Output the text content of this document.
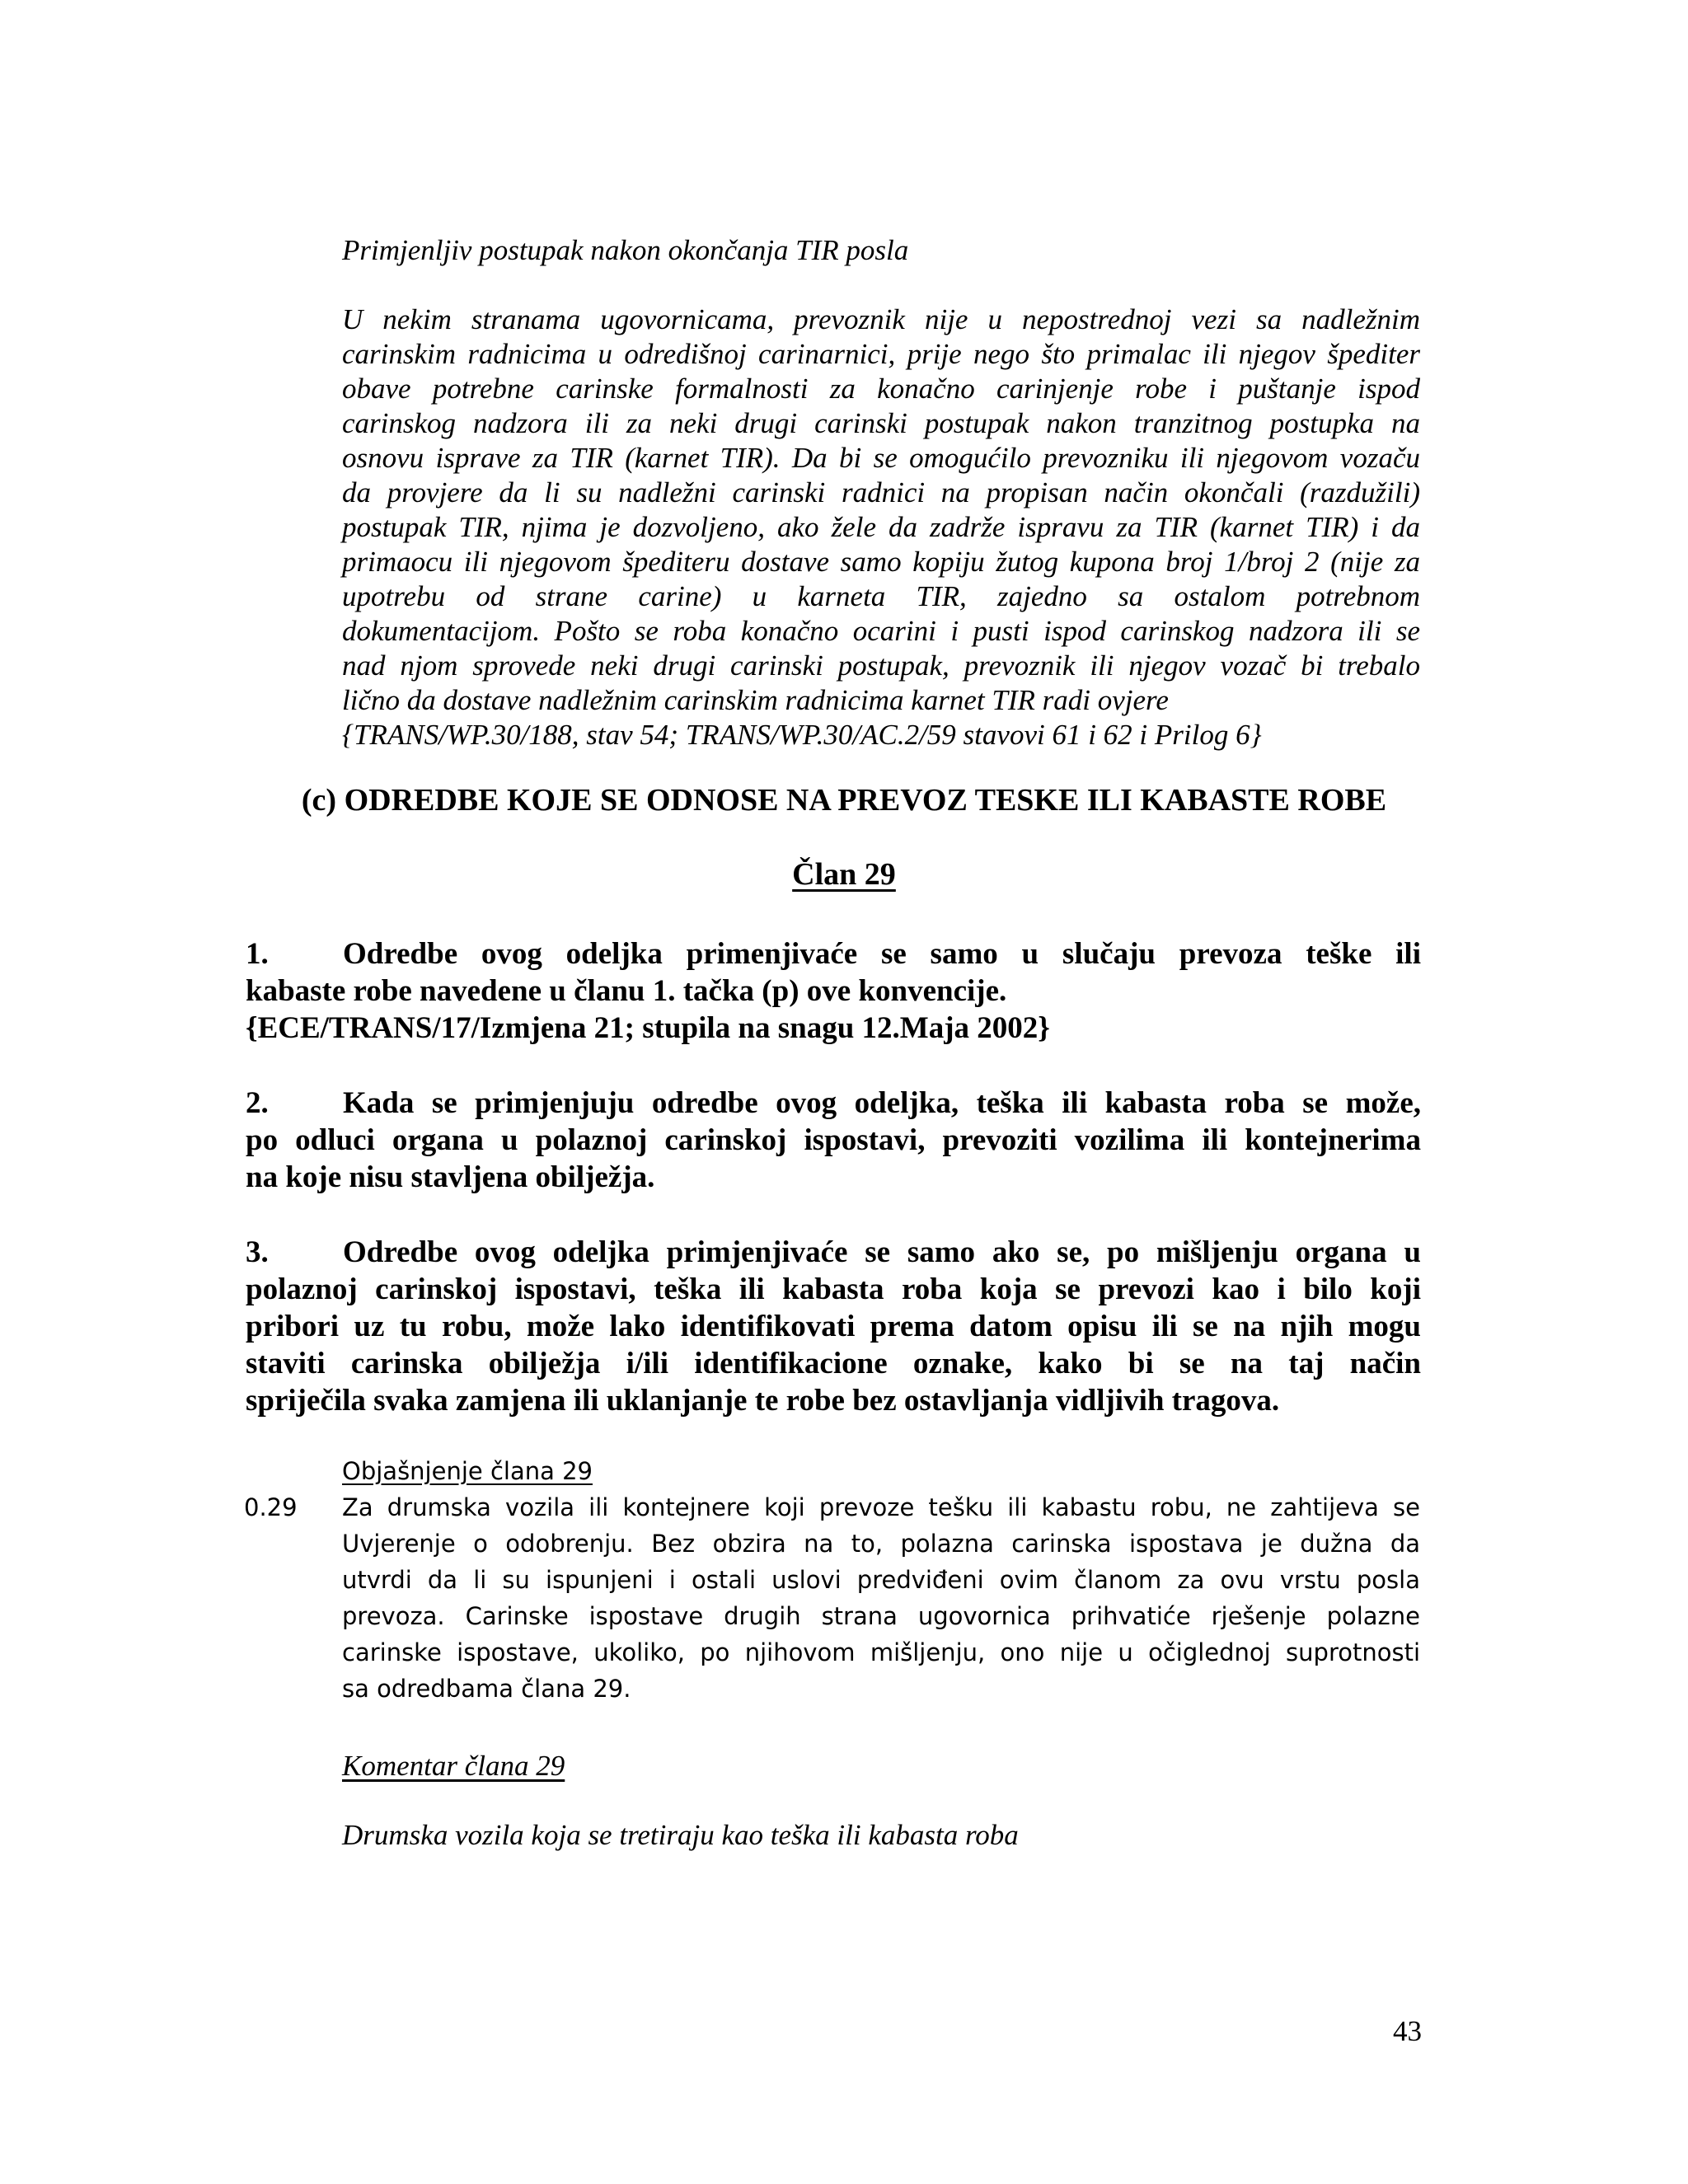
Primjenljiv postupak nakon okončanja TIR posla

U nekim stranama ugovornicama, prevoznik nije u nepostrednoj vezi sa nadležnim
carinskim radnicima u odredišnoj carinarnici, prije nego što primalac ili njegov špediter
obave potrebne carinske formalnosti za konačno carinjenje robe i puštanje ispod
carinskog nadzora ili za neki drugi carinski postupak nakon tranzitnog postupka na
osnovu isprave za TIR (karnet TIR). Da bi se omogućilo prevozniku ili njegovom vozaču
da provjere da li su nadležni carinski radnici na propisan način okončali (razdužili)
postupak TIR, njima je dozvoljeno, ako žele da zadrže ispravu za TIR (karnet TIR) i da
primaocu ili njegovom špediteru dostave samo kopiju žutog kupona broj 1/broj 2 (nije za
upotrebu od strane carine) u karneta TIR, zajedno sa ostalom potrebnom
dokumentacijom. Pošto se roba konačno ocarini i pusti ispod carinskog nadzora ili se
nad njom sprovede neki drugi carinski postupak, prevoznik ili njegov vozač bi trebalo
lično da dostave nadležnim carinskim radnicima karnet TIR radi ovjere
{TRANS/WP.30/188, stav 54; TRANS/WP.30/AC.2/59 stavovi 61 i 62 i Prilog 6}

(c) ODREDBE KOJE SE ODNOSE NA PREVOZ TESKE ILI KABASTE ROBE

Član 29

1. Odredbe ovog odeljka primenjivaće se samo u slučaju prevoza teške ili
kabaste robe navedene u članu 1. tačka (p) ove konvencije.
{ECE/TRANS/17/Izmjena 21; stupila na snagu 12.Maja 2002}
2. Kada se primjenjuju odredbe ovog odeljka, teška ili kabasta roba se može,
po odluci organa u polaznoj carinskoj ispostavi, prevoziti vozilima ili kontejnerima
na koje nisu stavljena obilježja.
3. Odredbe ovog odeljka primjenjivaće se samo ako se, po mišljenju organa u
polaznoj carinskoj ispostavi, teška ili kabasta roba koja se prevozi kao i bilo koji
pribori uz tu robu, može lako identifikovati prema datom opisu ili se na njih mogu
staviti carinska obilježja i/ili identifikacione oznake, kako bi se na taj način
spriječila svaka zamjena ili uklanjanje te robe bez ostavljanja vidljivih tragova.

Objašnjenje člana 29

0.29 Za drumska vozila ili kontejnere koji prevoze tešku ili kabastu robu, ne zahtijeva se
Uvjerenje o odobrenju. Bez obzira na to, polazna carinska ispostava je dužna da
utvrdi da li su ispunjeni i ostali uslovi predviđeni ovim članom za ovu vrstu posla
prevoza. Carinske ispostave drugih strana ugovornica prihvatiće rješenje polazne
carinske ispostave, ukoliko, po njihovom mišljenju, ono nije u očiglednoj suprotnosti
sa odredbama člana 29.

Komentar člana 29

Drumska vozila koja se tretiraju kao teška ili kabasta roba

43
